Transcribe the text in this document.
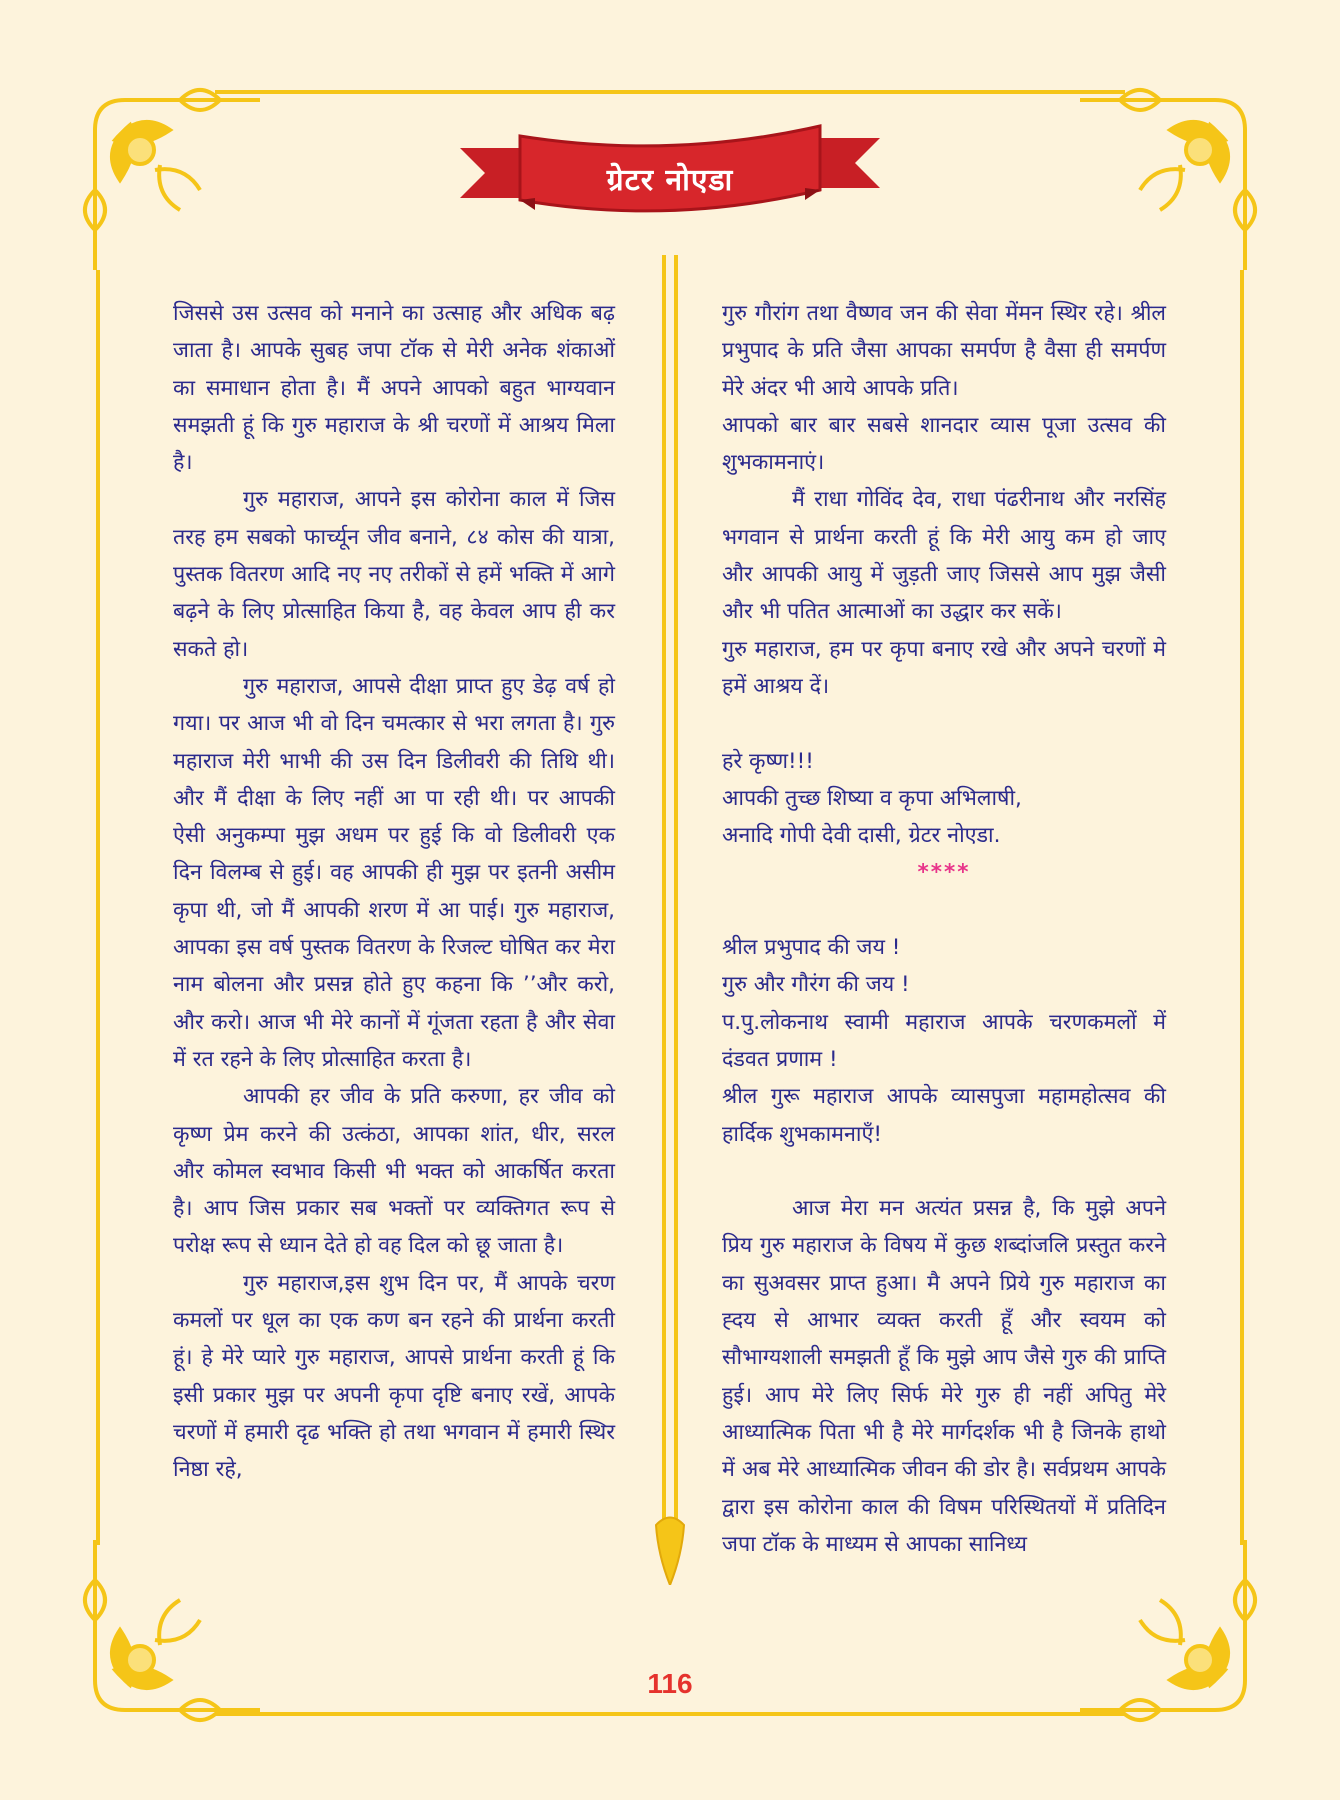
ग्रेटर नोएडा

जिससे उस उत्सव को मनाने का उत्साह और अधिक बढ़ जाता है। आपके सुबह जपा टॉक से मेरी अनेक शंकाओं का समाधान होता है। मैं अपने आपको बहुत भाग्यवान समझती हूं कि गुरु महाराज के श्री चरणों में आश्रय मिला है।

गुरु महाराज, आपने इस कोरोना काल में जिस तरह हम सबको फार्च्यून जीव बनाने, ८४ कोस की यात्रा, पुस्तक वितरण आदि नए नए तरीकों से हमें भक्ति में आगे बढ़ने के लिए प्रोत्साहित किया है, वह केवल आप ही कर सकते हो।

गुरु महाराज, आपसे दीक्षा प्राप्त हुए डेढ़ वर्ष हो गया। पर आज भी वो दिन चमत्कार से भरा लगता है। गुरु महाराज मेरी भाभी की उस दिन डिलीवरी की तिथि थी। और मैं दीक्षा के लिए नहीं आ पा रही थी। पर आपकी ऐसी अनुकम्पा मुझ अधम पर हुई कि वो डिलीवरी एक दिन विलम्ब से हुई। वह आपकी ही मुझ पर इतनी असीम कृपा थी, जो मैं आपकी शरण में आ पाई। गुरु महाराज, आपका इस वर्ष पुस्तक वितरण के रिजल्ट घोषित कर मेरा नाम बोलना और प्रसन्न होते हुए कहना कि ’’और करो, और करो। आज भी मेरे कानों में गूंजता रहता है और सेवा में रत रहने के लिए प्रोत्साहित करता है।

आपकी हर जीव के प्रति करुणा, हर जीव को कृष्ण प्रेम करने की उत्कंठा, आपका शांत, धीर, सरल और कोमल स्वभाव किसी भी भक्त को आकर्षित करता है। आप जिस प्रकार सब भक्तों पर व्यक्तिगत रूप से परोक्ष रूप से ध्यान देते हो वह दिल को छू जाता है।

गुरु महाराज,इस शुभ दिन पर, मैं आपके चरण कमलों पर धूल का एक कण बन रहने की प्रार्थना करती हूं। हे मेरे प्यारे गुरु महाराज, आपसे प्रार्थना करती हूं कि इसी प्रकार मुझ पर अपनी कृपा दृष्टि बनाए रखें, आपके चरणों में हमारी दृढ भक्ति हो तथा भगवान में हमारी स्थिर निष्ठा रहे,

गुरु गौरांग तथा वैष्णव जन की सेवा मेंमन स्थिर रहे। श्रील प्रभुपाद के प्रति जैसा आपका समर्पण है वैसा ही समर्पण मेरे अंदर भी आये आपके प्रति।

आपको बार बार सबसे शानदार व्यास पूजा उत्सव की शुभकामनाएं।

मैं राधा गोविंद देव, राधा पंढरीनाथ और नरसिंह भगवान से प्रार्थना करती हूं कि मेरी आयु कम हो जाए और आपकी आयु में जुड़ती जाए जिससे आप मुझ जैसी और भी पतित आत्माओं का उद्धार कर सकें।

गुरु महाराज, हम पर कृपा बनाए रखे और अपने चरणों मे हमें आश्रय दें।

हरे कृष्ण!!!

आपकी तुच्छ शिष्या व कृपा अभिलाषी,

अनादि गोपी देवी दासी, ग्रेटर नोएडा.

****

श्रील प्रभुपाद की जय !

गुरु और गौरंग की जय !

प.पु.लोकनाथ स्वामी महाराज आपके चरणकमलों में दंडवत प्रणाम !

श्रील गुरू महाराज आपके व्यासपुजा महामहोत्सव की हार्दिक शुभकामनाएँ!

आज मेरा मन अत्यंत प्रसन्न है, कि मुझे अपने प्रिय गुरु महाराज के विषय में कुछ शब्दांजलि प्रस्तुत करने का सुअवसर प्राप्त हुआ। मै अपने प्रिये गुरु महाराज का ह्दय से आभार व्यक्त करती हूँ और स्वयम को सौभाग्यशाली समझती हूँ कि मुझे आप जैसे गुरु की प्राप्ति हुई। आप मेरे लिए सिर्फ मेरे गुरु ही नहीं अपितु मेरे आध्यात्मिक पिता भी है मेरे मार्गदर्शक भी है जिनके हाथो में अब मेरे आध्यात्मिक जीवन की डोर है। सर्वप्रथम आपके द्वारा इस कोरोना काल की विषम परिस्थितयों में प्रतिदिन जपा टॉक के माध्यम से आपका सानिध्य

116
